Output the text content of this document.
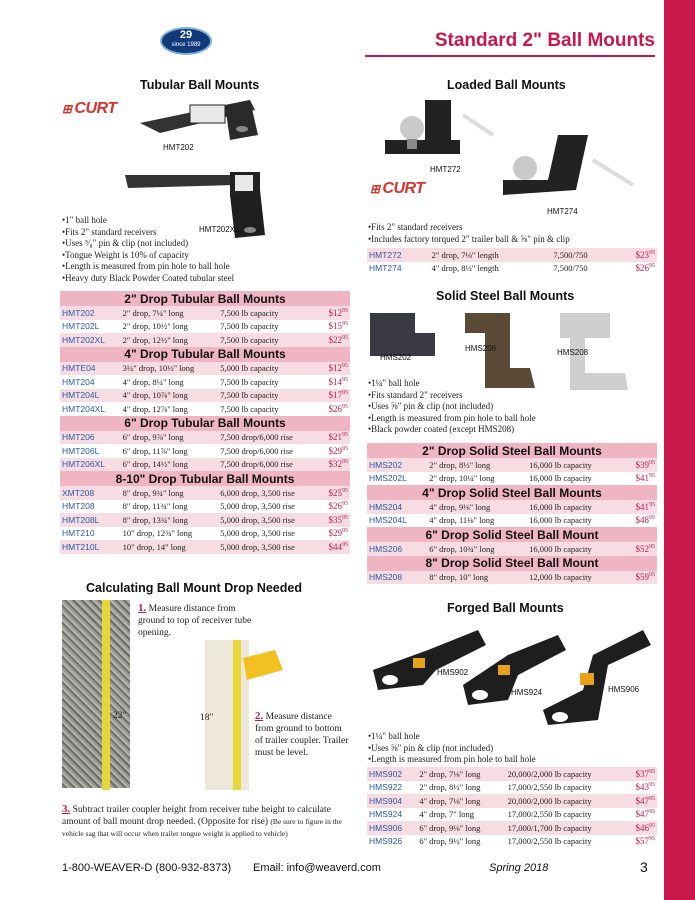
29
since 1989	Standard 2" Ball Mounts
Tubular Ball Mounts
⊞ CURT
HMT202
HMT202XL
• 1" ball hole
• Fits 2" standard receivers
• Uses ⁵⁄₈" pin & clip (not included)
• Tongue Weight is 10% of capacity
• Length is measured from pin hole to ball hole
• Heavy duty Black Powder Coated tubular steel
2" Drop Tubular Ball Mounts			
HMT202	2" drop, 7¼" long	7,500 lb capacity	$\$12^{95}$
HMT202L	2" drop, 10½" long	7,500 lb capacity	$\$15^{95}$
HMT202XL	2" drop, 12½" long	7,500 lb capacity	$\$22^{95}$
4" Drop Tubular Ball Mounts			
HMTE04	3¼" drop, 10½" long	5,000 lb capacity	$\$12^{95}$
HMT204	4" drop, 8¼" long	7,500 lb capacity	$\$14^{95}$
HMT204L	4" drop, 10⅞" long	7,500 lb capacity	$\$17^{95}$
HMT204XL	4" drop, 12⅞" long	7,500 lb capacity	$\$26^{95}$
6" Drop Tubular Ball Mounts			
HMT206	6" drop, 9⅞" long	7,500 drop/6,000 rise	$\$21^{95}$
HMT206L	6" drop, 11⅞" long	7,500 drop/6,000 rise	$\$29^{95}$
HMT206XL	6" drop, 14½" long	7,500 drop/6,000 rise	$\$32^{95}$
8-10" Drop Tubular Ball Mounts			
XMT208	8" drop, 9¾" long	6,000 drop, 3,500 rise	$\$25^{95}$
HMT208	8" drop, 11¾" long	5,000 drop, 3,500 rise	$\$26^{95}$
HMT208L	8" drop, 13¾" long	5,000 drop, 3,500 rise	$\$35^{95}$
HMT210	10" drop, 12¾" long	5,000 drop, 3,500 rise	$\$29^{95}$
HMT210L	10" drop, 14" long	5,000 drop, 3,500 rise	$\$44^{95}$
Calculating Ball Mount Drop Needed
22"	18"
1. Measure distance from ground to top of receiver tube opening.
2. Measure distance from ground to bottom of trailer coupler. Trailer must be level.
3. Subtract trailer coupler height from receiver tube height to calculate amount of ball mount drop needed. (Opposite for rise) (Be sure to figure in the vehicle sag that will occur when trailer tongue weight is applied to vehicle)
Loaded Ball Mounts
HMT272
⊞ CURT
HMT274
• Fits 2" standard receivers
• Includes factory torqued 2" trailer ball & ⅝" pin & clip
HMT272	2" drop, 7⅛" length	7,500/750	$\$23^{95}$
HMT274	4" drop, 8½" length	7,500/750	$\$26^{95}$
Solid Steel Ball Mounts
HMS202
HMS206	HMS208
• 1¼" ball hole
• Fits standard 2" receivers
• Uses ⅝" pin & clip (not included)
• Length is measured from pin hole to ball hole
• Black powder coated (except HMS208)
2" Drop Solid Steel Ball Mounts			
HMS202	2" drop, 8½" long	16,000 lb capacity	$\$39^{95}$
HMS202L	2" drop, 10¼" long	16,000 lb capacity	$\$41^{95}$
4" Drop Solid Steel Ball Mounts			
HMS204	4" drop, 9⅛" long	16,000 lb capacity	$\$41^{95}$
HMS204L	4" drop, 11⅛" long	16,000 lb capacity	$\$48^{95}$
6" Drop Solid Steel Ball Mount			
HMS206	6" drop, 10¾" long	16,000 lb capacity	$\$52^{95}$
8" Drop Solid Steel Ball Mount			
HMS208	8" drop, 10" long	12,000 lb capacity	$\$59^{95}$
Forged Ball Mounts
HMS902
HMS924	HMS906
• 1¼" ball hole
• Uses ⅝" pin & clip (not included)
• Length is measured from pin hole to ball hole
HMS902	2" drop, 7⅛" long	20,000/2,000 lb capacity	$\$37^{95}$
HMS922	2" drop, 8½" long	17,000/2,550 lb capacity	$\$43^{95}$
HMS904	4" drop, 7⅛" long	20,000/2,000 lb capacity	$\$47^{95}$
HMS924	4" drop, 7" long	17,000/2,550 lb capacity	$\$47^{95}$
HMS906	6" drop, 9⅛" long	17,000/1,700 lb capacity	$\$46^{95}$
HMS926	6" drop, 9½" long	17,000/2,550 lb capacity	$\$57^{95}$
1-800-WEAVER-D (800-932-8373) Email: info@weaverd.com	Spring 2018	3
